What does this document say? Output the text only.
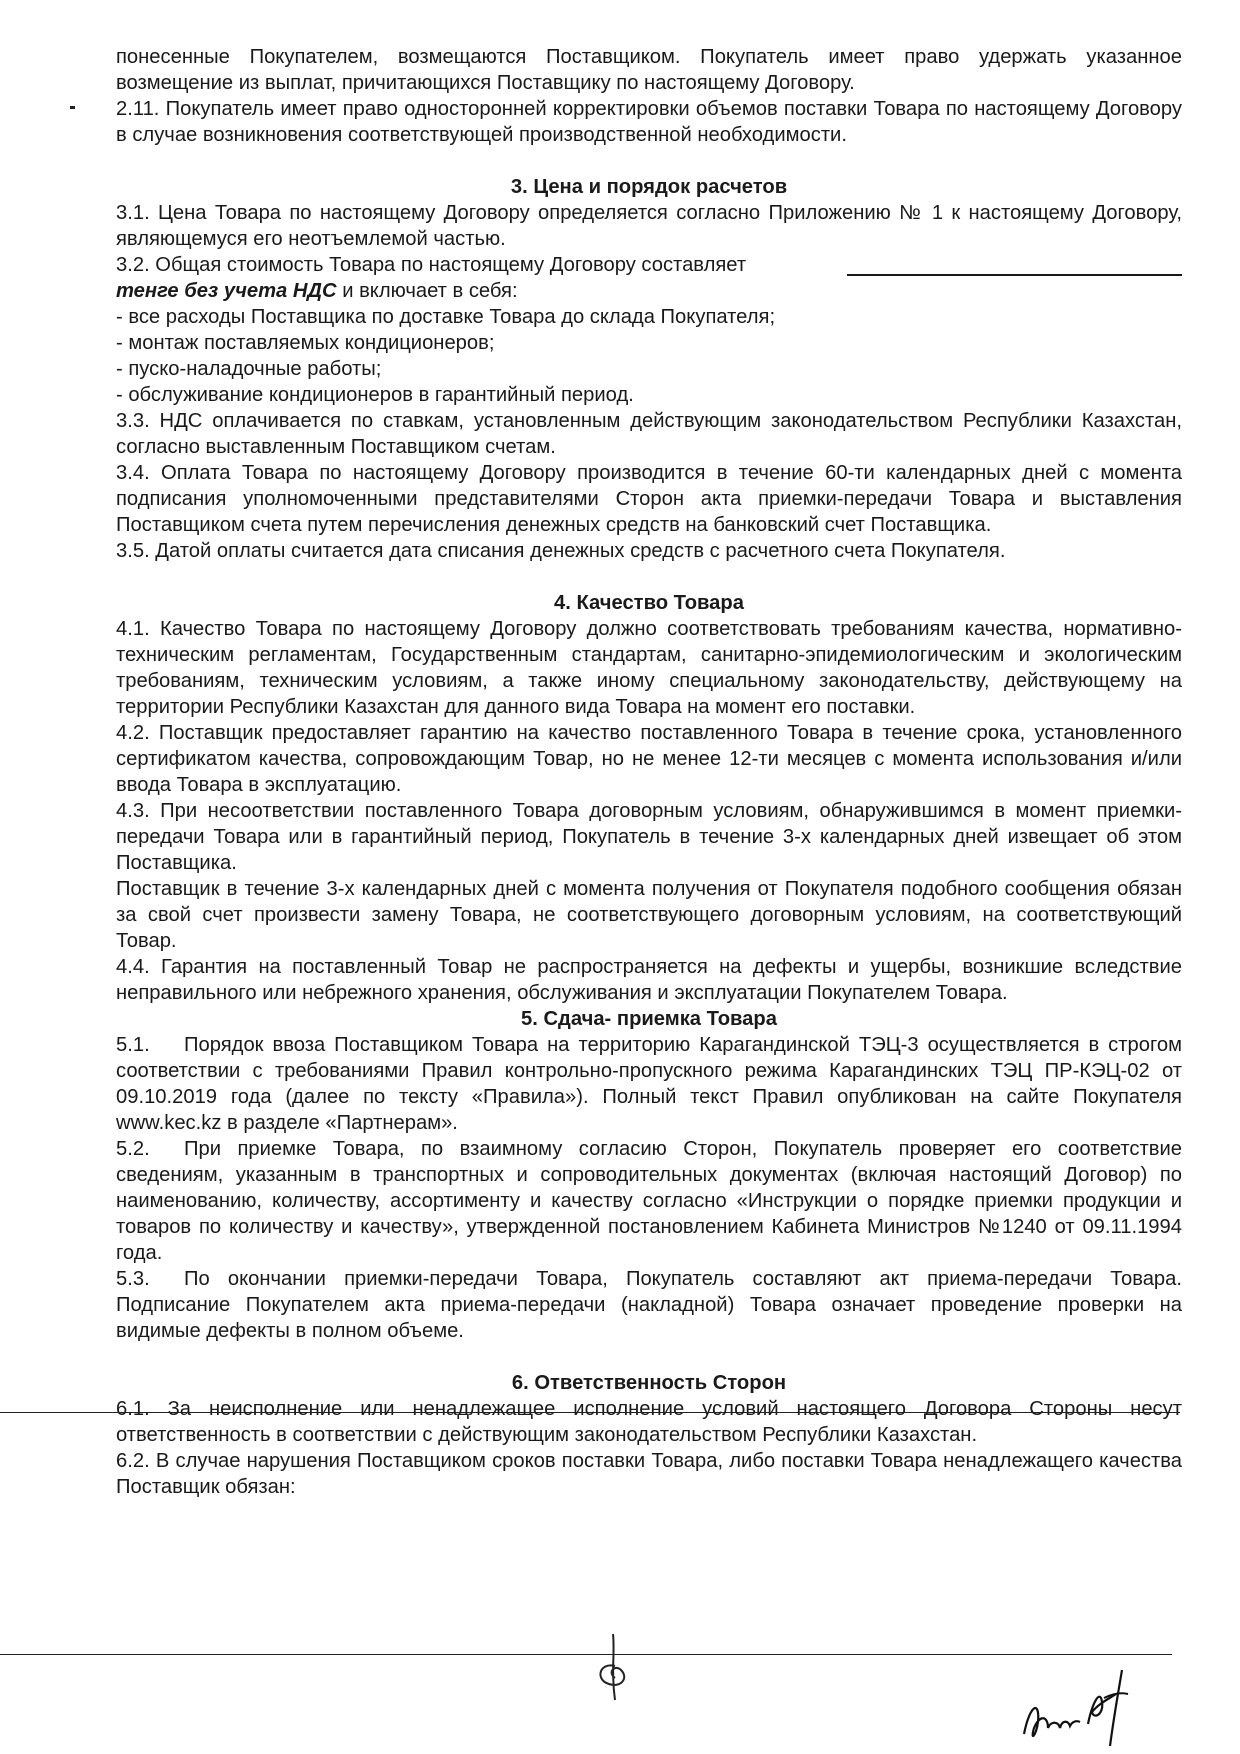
понесенные Покупателем, возмещаются Поставщиком. Покупатель имеет право удержать указанное возмещение из выплат, причитающихся Поставщику по настоящему Договору.

2.11. Покупатель имеет право односторонней корректировки объемов поставки Товара по настоящему Договору в случае возникновения соответствующей производственной необходимости.

3. Цена и порядок расчетов

3.1. Цена Товара по настоящему Договору определяется согласно Приложению № 1 к настоящему Договору, являющемуся его неотъемлемой частью.

3.2. Общая стоимость Товара по настоящему Договору составляет

тенге без учета НДС и включает в себя:

- все расходы Поставщика по доставке Товара до склада Покупателя;
- монтаж поставляемых кондиционеров;
- пуско-наладочные работы;
- обслуживание кондиционеров в гарантийный период.

3.3. НДС оплачивается по ставкам, установленным действующим законодательством Республики Казахстан, согласно выставленным Поставщиком счетам.

3.4. Оплата Товара по настоящему Договору производится в течение 60-ти календарных дней с момента подписания уполномоченными представителями Сторон акта приемки-передачи Товара и выставления Поставщиком счета путем перечисления денежных средств на банковский счет Поставщика.

3.5. Датой оплаты считается дата списания денежных средств с расчетного счета Покупателя.

4. Качество Товара

4.1. Качество Товара по настоящему Договору должно соответствовать требованиям качества, нормативно-техническим регламентам, Государственным стандартам, санитарно-эпидемиологическим и экологическим требованиям, техническим условиям, а также иному специальному законодательству, действующему на территории Республики Казахстан для данного вида Товара на момент его поставки.

4.2. Поставщик предоставляет гарантию на качество поставленного Товара в течение срока, установленного сертификатом качества, сопровождающим Товар, но не менее 12-ти месяцев с момента использования и/или ввода Товара в эксплуатацию.

4.3. При несоответствии поставленного Товара договорным условиям, обнаружившимся в момент приемки-передачи Товара или в гарантийный период, Покупатель в течение 3-х календарных дней извещает об этом Поставщика.

Поставщик в течение 3-х календарных дней с момента получения от Покупателя подобного сообщения обязан за свой счет произвести замену Товара, не соответствующего договорным условиям, на соответствующий Товар.

4.4. Гарантия на поставленный Товар не распространяется на дефекты и ущербы, возникшие вследствие неправильного или небрежного хранения, обслуживания и эксплуатации Покупателем Товара.

5. Сдача- приемка Товара

5.1. Порядок ввоза Поставщиком Товара на территорию Карагандинской ТЭЦ-3 осуществляется в строгом соответствии с требованиями Правил контрольно-пропускного режима Карагандинских ТЭЦ ПР-КЭЦ-02 от 09.10.2019 года (далее по тексту «Правила»). Полный текст Правил опубликован на сайте Покупателя www.kec.kz в разделе «Партнерам».

5.2. При приемке Товара, по взаимному согласию Сторон, Покупатель проверяет его соответствие сведениям, указанным в транспортных и сопроводительных документах (включая настоящий Договор) по наименованию, количеству, ассортименту и качеству согласно «Инструкции о порядке приемки продукции и товаров по количеству и качеству», утвержденной постановлением Кабинета Министров №1240 от 09.11.1994 года.

5.3. По окончании приемки-передачи Товара, Покупатель составляют акт приема-передачи Товара. Подписание Покупателем акта приема-передачи (накладной) Товара означает проведение проверки на видимые дефекты в полном объеме.

6. Ответственность Сторон

6.1. За неисполнение или ненадлежащее исполнение условий настоящего Договора Стороны несут ответственность в соответствии с действующим законодательством Республики Казахстан.

6.2. В случае нарушения Поставщиком сроков поставки Товара, либо поставки Товара ненадлежащего качества Поставщик обязан:
